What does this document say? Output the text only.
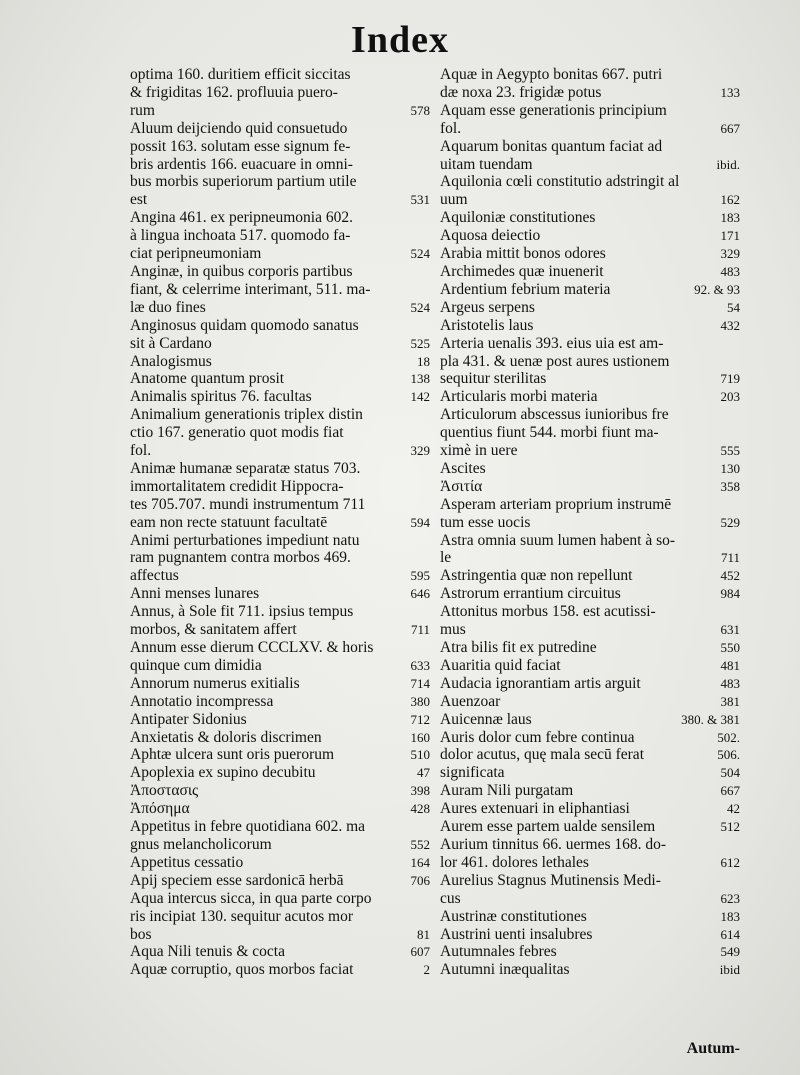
Index
optima 160. duritiem efficit siccitas
& frigiditas 162. profluuia puero-
rum	578
Aluum deijciendo quid consuetudo
possit 163. solutam esse signum fe-
bris ardentis 166. euacuare in omni-
bus morbis superiorum partium utile
est	531
Angina 461. ex peripneumonia 602.
à lingua inchoata 517. quomodo fa-
ciat peripneumoniam	524
Anginæ, in quibus corporis partibus
fiant, & celerrime interimant, 511. ma-
læ duo fines	524
Anginosus quidam quomodo sanatus
sit à Cardano	525
Analogismus	18
Anatome quantum prosit	138
Animalis spiritus 76. facultas	142
Animalium generationis triplex distin
ctio 167. generatio quot modis fiat
fol.	329
Animæ humanæ separatæ status 703.
immortalitatem credidit Hippocra-
tes 705.707. mundi instrumentum 711
eam non recte statuunt facultatē	594
Animi perturbationes impediunt natu
ram pugnantem contra morbos 469.
affectus	595
Anni menses lunares	646
Annus, à Sole fit 711. ipsius tempus
morbos, & sanitatem affert	711
Annum esse dierum CCCLXV. & horis
quinque cum dimidia	633
Annorum numerus exitialis	714
Annotatio incompressa	380
Antipater Sidonius	712
Anxietatis & doloris discrimen	160
Aphtæ ulcera sunt oris puerorum	510
Apoplexia ex supino decubitu	47
Ἀποστασις	398
Ἀπόσημα	428
Appetitus in febre quotidiana 602. ma
gnus melancholicorum	552
Appetitus cessatio	164
Apij speciem esse sardonicā herbā	706
Aqua intercus sicca, in qua parte corpo
ris incipiat 130. sequitur acutos mor
bos	81
Aqua Nili tenuis & cocta	607
Aquæ corruptio, quos morbos faciat	2
Aquæ in Aegypto bonitas 667. putri
dæ noxa 23. frigidæ potus	133
Aquam esse generationis principium
fol.	667
Aquarum bonitas quantum faciat ad
uitam tuendam	ibid.
Aquilonia cœli constitutio adstringit al
uum	162
Aquiloniæ constitutiones	183
Aquosa deiectio	171
Arabia mittit bonos odores	329
Archimedes quæ inuenerit	483
Ardentium febrium materia	92. & 93
Argeus serpens	54
Aristotelis laus	432
Arteria uenalis 393. eius uia est am-
pla 431. & uenæ post aures ustionem
sequitur sterilitas	719
Articularis morbi materia	203
Articulorum abscessus iunioribus fre
quentius fiunt 544. morbi fiunt ma-
ximè in uere	555
Ascites	130
Ἀσιτία	358
Asperam arteriam proprium instrumē
tum esse uocis	529
Astra omnia suum lumen habent à so-
le	711
Astringentia quæ non repellunt	452
Astrorum errantium circuitus	984
Attonitus morbus 158. est acutissi-
mus	631
Atra bilis fit ex putredine	550
Auaritia quid faciat	481
Audacia ignorantiam artis arguit	483
Auenzoar	381
Auicennæ laus	380. & 381
Auris dolor cum febre continua	502.
dolor acutus, quę mala secū ferat	506.
significata	504
Auram Nili purgatam	667
Aures extenuari in eliphantiasi	42
Aurem esse partem ualde sensilem	512
Aurium tinnitus 66. uermes 168. do-
lor 461. dolores lethales	612
Aurelius Stagnus Mutinensis Medi-
cus	623
Austrinæ constitutiones	183
Austrini uenti insalubres	614
Autumnales febres	549
Autumni inæqualitas	ibid
Autum-
